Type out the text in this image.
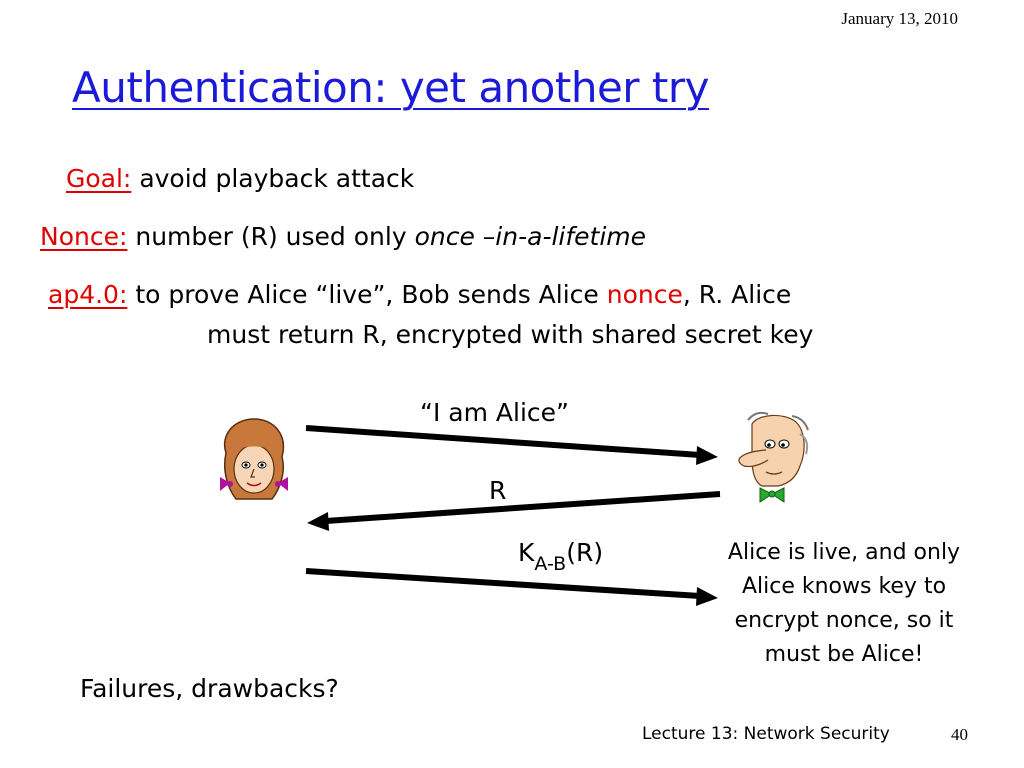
January 13, 2010
Authentication: yet another try
Goal: avoid playback attack
Nonce: number (R) used only once –in-a-lifetime
ap4.0: to prove Alice “live”, Bob sends Alice nonce, R. Alice
must return R, encrypted with shared secret key
“I am Alice”
R
$K_{A-B}(R)$	Alice is live, and only Alice knows key to encrypt nonce, so it must be Alice!
Failures, drawbacks?
Lecture 13: Network Security	40
